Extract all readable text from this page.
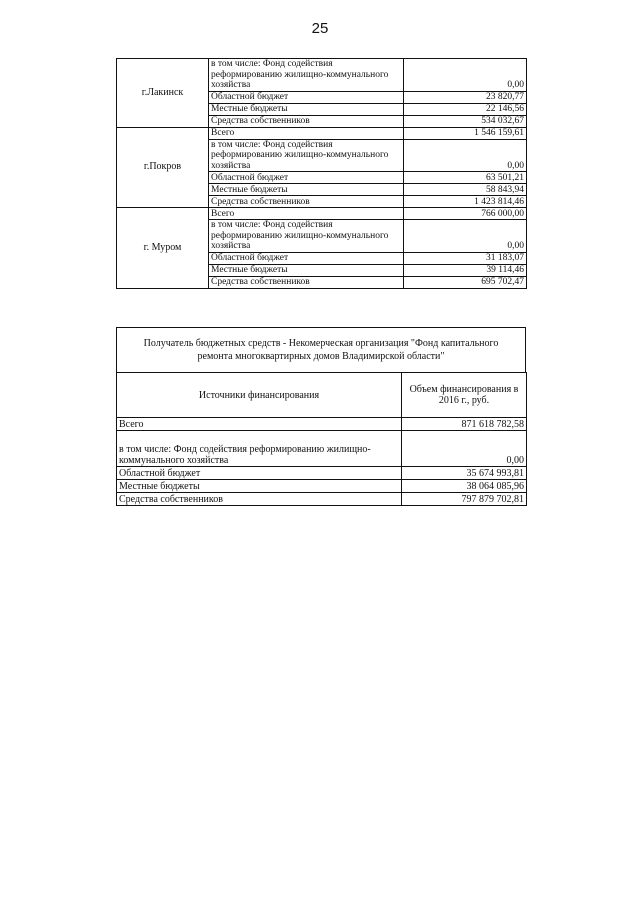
25
г.Лакинск	в том числе: Фонд содействия реформированию жилищно-коммунального хозяйства	0,00
	Областной бюджет	23 820,77
	Местные бюджеты	22 146,56
	Средства собственников	534 032,67
г.Покров	Всего	1 546 159,61
	в том числе: Фонд содействия реформированию жилищно-коммунального хозяйства	0,00
	Областной бюджет	63 501,21
	Местные бюджеты	58 843,94
	Средства собственников	1 423 814,46
г. Муром	Всего	766 000,00
	в том числе: Фонд содействия реформированию жилищно-коммунального хозяйства	0,00
	Областной бюджет	31 183,07
	Местные бюджеты	39 114,46
	Средства собственников	695 702,47
Получатель бюджетных средств - Некомерческая организация "Фонд капитального ремонта многоквартирных домов Владимирской области"
Источники финансирования	Объем финансирования в 2016 г., руб.
Всего	871 618 782,58
в том числе: Фонд содействия реформированию жилищно-коммунального хозяйства	0,00
Областной бюджет	35 674 993,81
Местные бюджеты	38 064 085,96
Средства собственников	797 879 702,81
